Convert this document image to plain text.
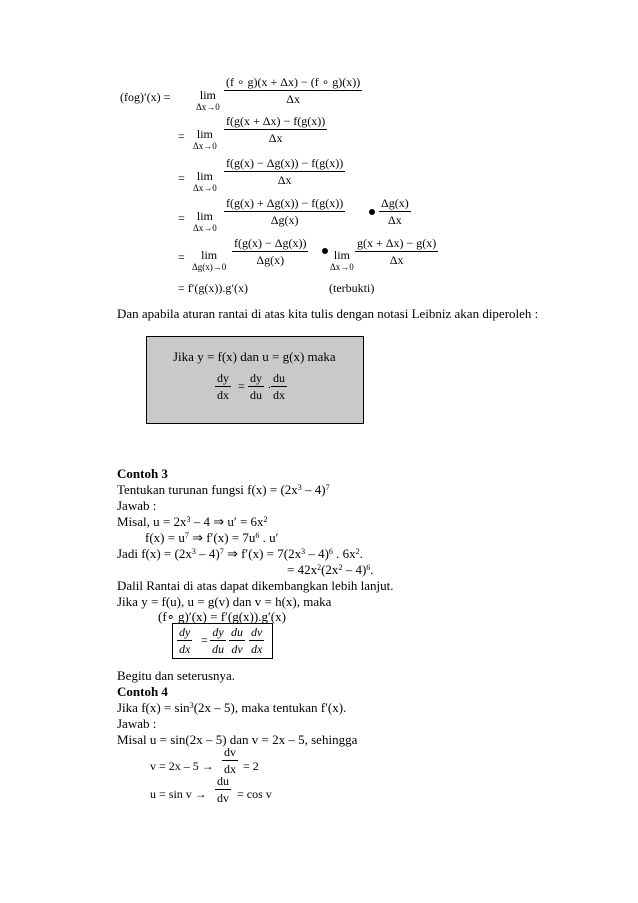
(fog)′(x) = lim
Δx→0
(f ∘ g)(x + Δx) − (f ∘ g)(x))
Δx
= lim
Δx→0
f(g(x + Δx) − f(g(x))
Δx
= lim
Δx→0
f(g(x) − Δg(x)) − f(g(x))
Δx
= lim
Δx→0
f(g(x) + Δg(x)) − f(g(x))
Δg(x)
Δg(x)
Δx
= lim
Δg(x)→0
f(g(x) − Δg(x))
Δg(x)	lim
Δx→0
g(x + Δx) − g(x)
Δx
= f′(g(x)).g′(x)	(terbukti)
Dan apabila aturan rantai di atas kita tulis dengan notasi Leibniz akan diperoleh :
Jika y = f(x) dan u = g(x) maka
dy
dx
=
dy
du
. du
dx
Contoh 3
Tentukan turunan fungsi $f(x) = (2x^3 - 4)^7$
Jawab :
Misal, $u = 2x^3 - 4$ ⇒ $u' = 6x^2$
$f(x) = u^7$ ⇒ $f'(x) = 7u^6$ . u′
Jadi $f(x) = (2x^3 - 4)^7$ ⇒ $f'(x) = 7(2x^3 - 4)^6$ . $6x^2$.
= $42x^2(2x^2 - 4)^6$.
Dalil Rantai di atas dapat dikembangkan lebih lanjut.
Jika y = f(u), u = g(v) dan v = h(x), maka
(f∘ g)′(x) = f′(g(x)).g′(x)
dy
dx
=
dy
du
du
dv
dv
dx
Begitu dan seterusnya.
Contoh 4
Jika $f(x) = \sin^3(2x - 5)$, maka tentukan f′(x).
Jawab :
Misal u = sin(2x – 5) dan v = 2x – 5, sehingga
v = 2x – 5 →
dv
dx = 2
u = sin v →
du
dv = cos v
